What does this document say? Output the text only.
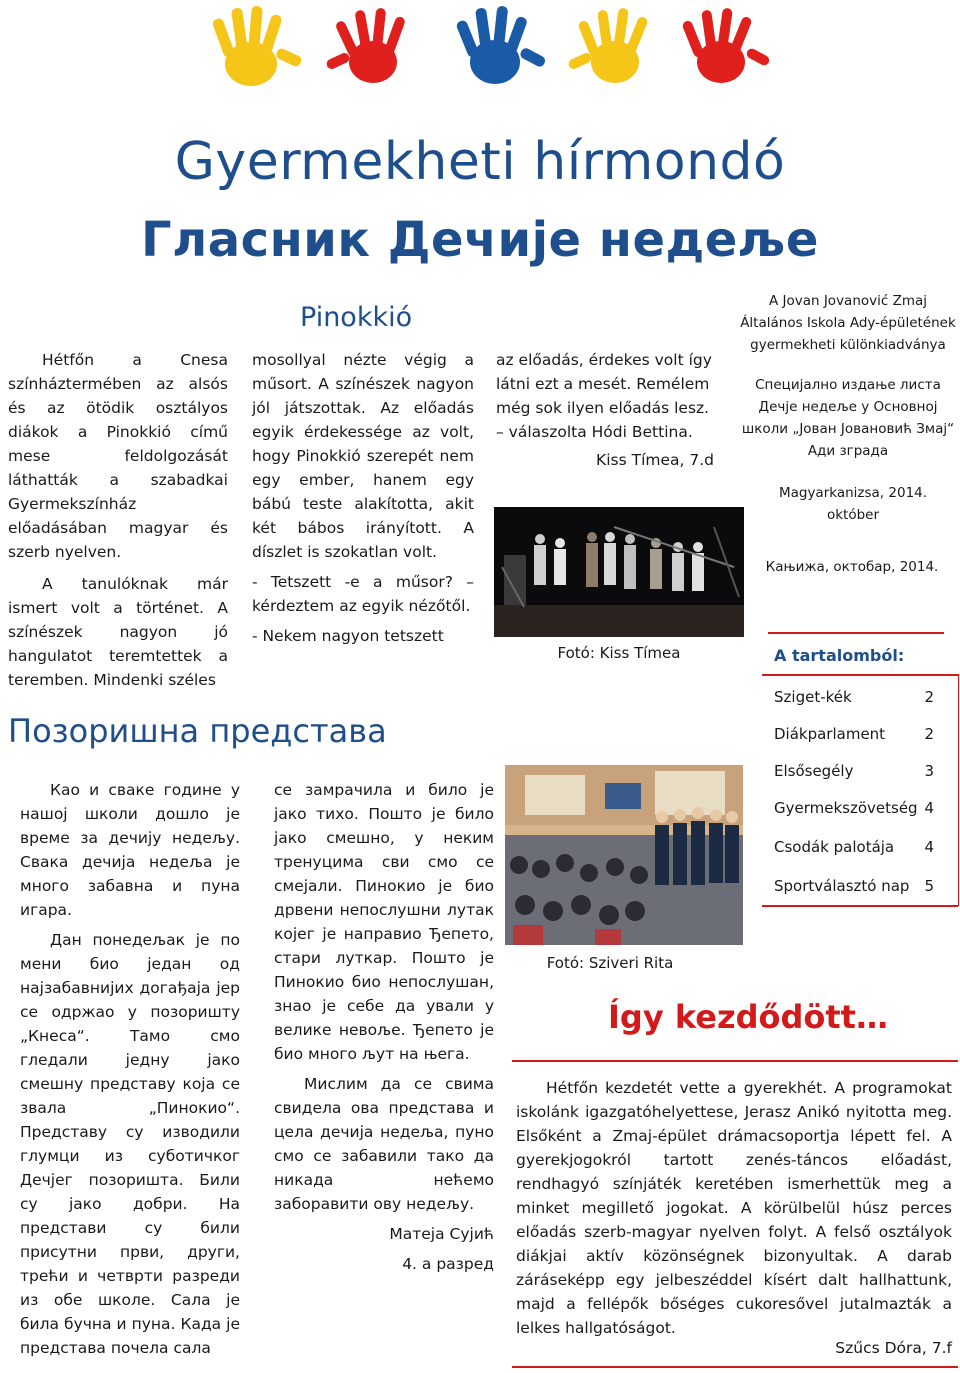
Gyermekheti hírmondó
Гласник Дечије недеље
Pinokkió

Hétfőn a Cnesa színháztermében az alsós és az ötödik osztályos diákok a Pinokkió című mese feldolgozását láthatták a szabadkai Gyermekszínház előadásában magyar és szerb nyelven.

A tanulóknak már ismert volt a történet. A színészek nagyon jó hangulatot teremtettek a teremben. Mindenki széles

mosollyal nézte végig a műsort. A színészek nagyon jól játszottak. Az előadás egyik érdekessége az volt, hogy Pinokkió szerepét nem egy ember, hanem egy bábú teste alakította, akit két bábos irányított. A díszlet is szokatlan volt.

- Tetszett -e a műsor? – kérdeztem az egyik nézőtől.

- Nekem nagyon tetszett

az előadás, érdekes volt így látni ezt a mesét. Remélem még sok ilyen előadás lesz. – válaszolta Hódi Bettina.

Kiss Tímea, 7.d

Fotó: Kiss Tímea
A Jovan Jovanović Zmaj Általános Iskola Ady-épületének gyermekheti különkiadványa
Специјално издање листа Дечје недеље у Основној школи „Јован Јовановић Змај“ Ади зграда
Magyarkanizsa, 2014. október
Кањижа, октобар, 2014.
A tartalomból:
Sziget-kék	2
Diákparlament	2
Elsősegély	3
Gyermekszövetség 4
Csodák palotája 4
Sportválasztó nap 5
Позоришна представа

Као и сваке године у нашој школи дошло је време за дечију недељу. Свака дечија недеља је много забавна и пуна игара.

Дан понедељак је по мени био један од најзабавнијих догађаја јер се одржао у позоришту „Кнеса“. Тамо смо гледали једну јако смешну представу која се звала „Пинокио“. Представу су изводили глумци из суботичког Дечјег позоришта. Били су јако добри. На представи су били присутни први, други, трећи и четврти разреди из обе школе. Сала је била бучна и пуна. Када је представа почела сала

се замрачила и било је јако тихо. Пошто је било јако смешно, у неким тренуцима сви смо се смејали. Пинокио је био дрвени непослушни лутак којег је направио Ђепето, стари луткар. Пошто је Пинокио био непослушан, знао је себе да ували у велике невоље. Ђепето је био много љут на њега.

Мислим да се свима свидела ова представа и цела дечија недеља, пуно смо се забавили тако да никада нећемо заборавити ову недељу.

Матеја Сујић

4. а разред

Fotó: Sziveri Rita
Így kezdődött…

Hétfőn kezdetét vette a gyerekhét. A programokat iskolánk igazgatóhelyettese, Jerasz Anikó nyitotta meg. Elsőként a Zmaj-épület drámacsoportja lépett fel. A gyerekjogokról tartott zenés-táncos előadást, rendhagyó színjáték keretében ismerhettük meg a minket megillető jogokat. A körülbelül húsz perces előadás szerb-magyar nyelven folyt. A felső osztályok diákjai aktív közönségnek bizonyultak. A darab záráseképp egy jelbeszéddel kísért dalt hallhattunk, majd a fellépők bőséges cukoresővel jutalmazták a lelkes hallgatóságot.

Szűcs Dóra, 7.f
